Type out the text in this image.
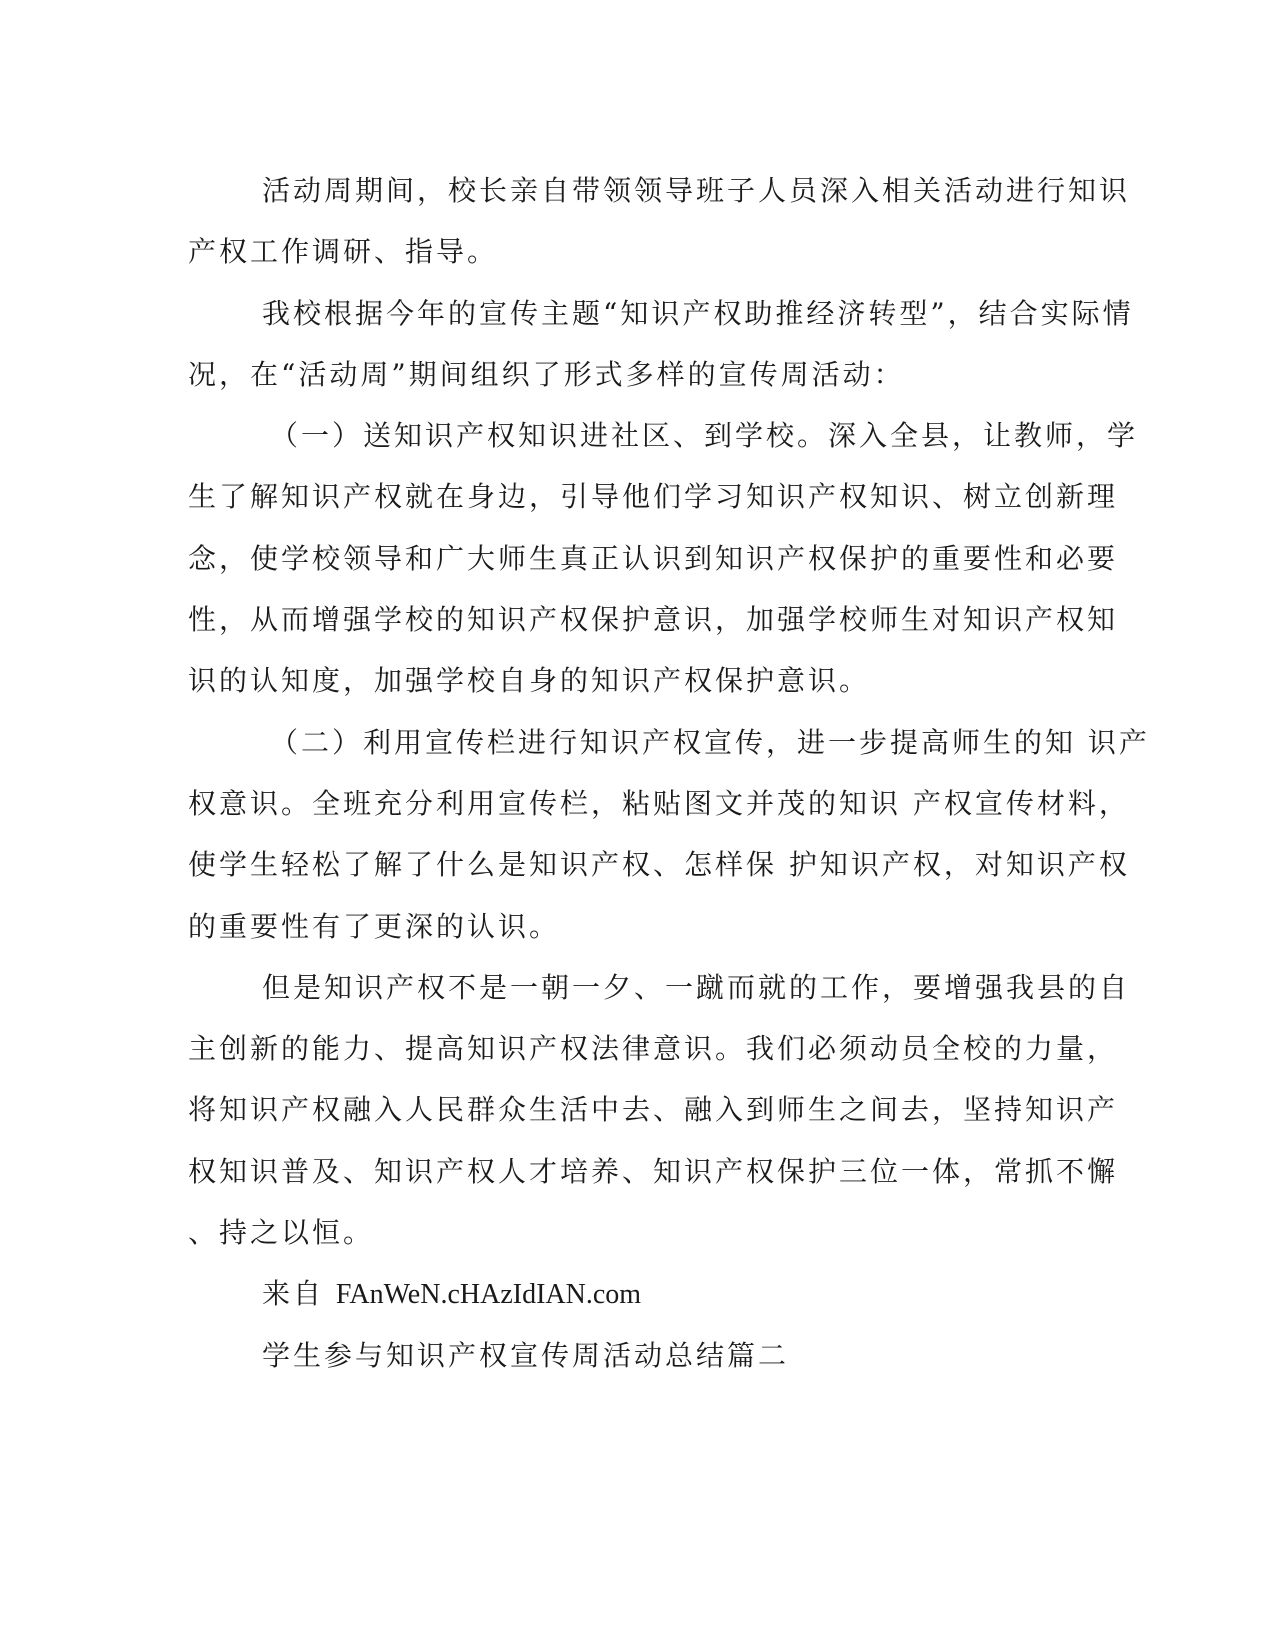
活动周期间，校长亲自带领领导班子人员深入相关活动进行知识
产权工作调研、指导。
我校根据今年的宣传主题“知识产权助推经济转型”，结合实际情
况，在“活动周”期间组织了形式多样的宣传周活动：
（一）送知识产权知识进社区、到学校。深入全县，让教师，学
生了解知识产权就在身边，引导他们学习知识产权知识、树立创新理
念，使学校领导和广大师生真正认识到知识产权保护的重要性和必要
性，从而增强学校的知识产权保护意识，加强学校师生对知识产权知
识的认知度，加强学校自身的知识产权保护意识。
（二）利用宣传栏进行知识产权宣传，进一步提高师生的知 识产
权意识。全班充分利用宣传栏，粘贴图文并茂的知识 产权宣传材料，
使学生轻松了解了什么是知识产权、怎样保 护知识产权，对知识产权
的重要性有了更深的认识。
但是知识产权不是一朝一夕、一蹴而就的工作，要增强我县的自
主创新的能力、提高知识产权法律意识。我们必须动员全校的力量，
将知识产权融入人民群众生活中去、融入到师生之间去，坚持知识产
权知识普及、知识产权人才培养、知识产权保护三位一体，常抓不懈
、持之以恒。
来自 FAnWeN.cHAzIdIAN.com
学生参与知识产权宣传周活动总结篇二
